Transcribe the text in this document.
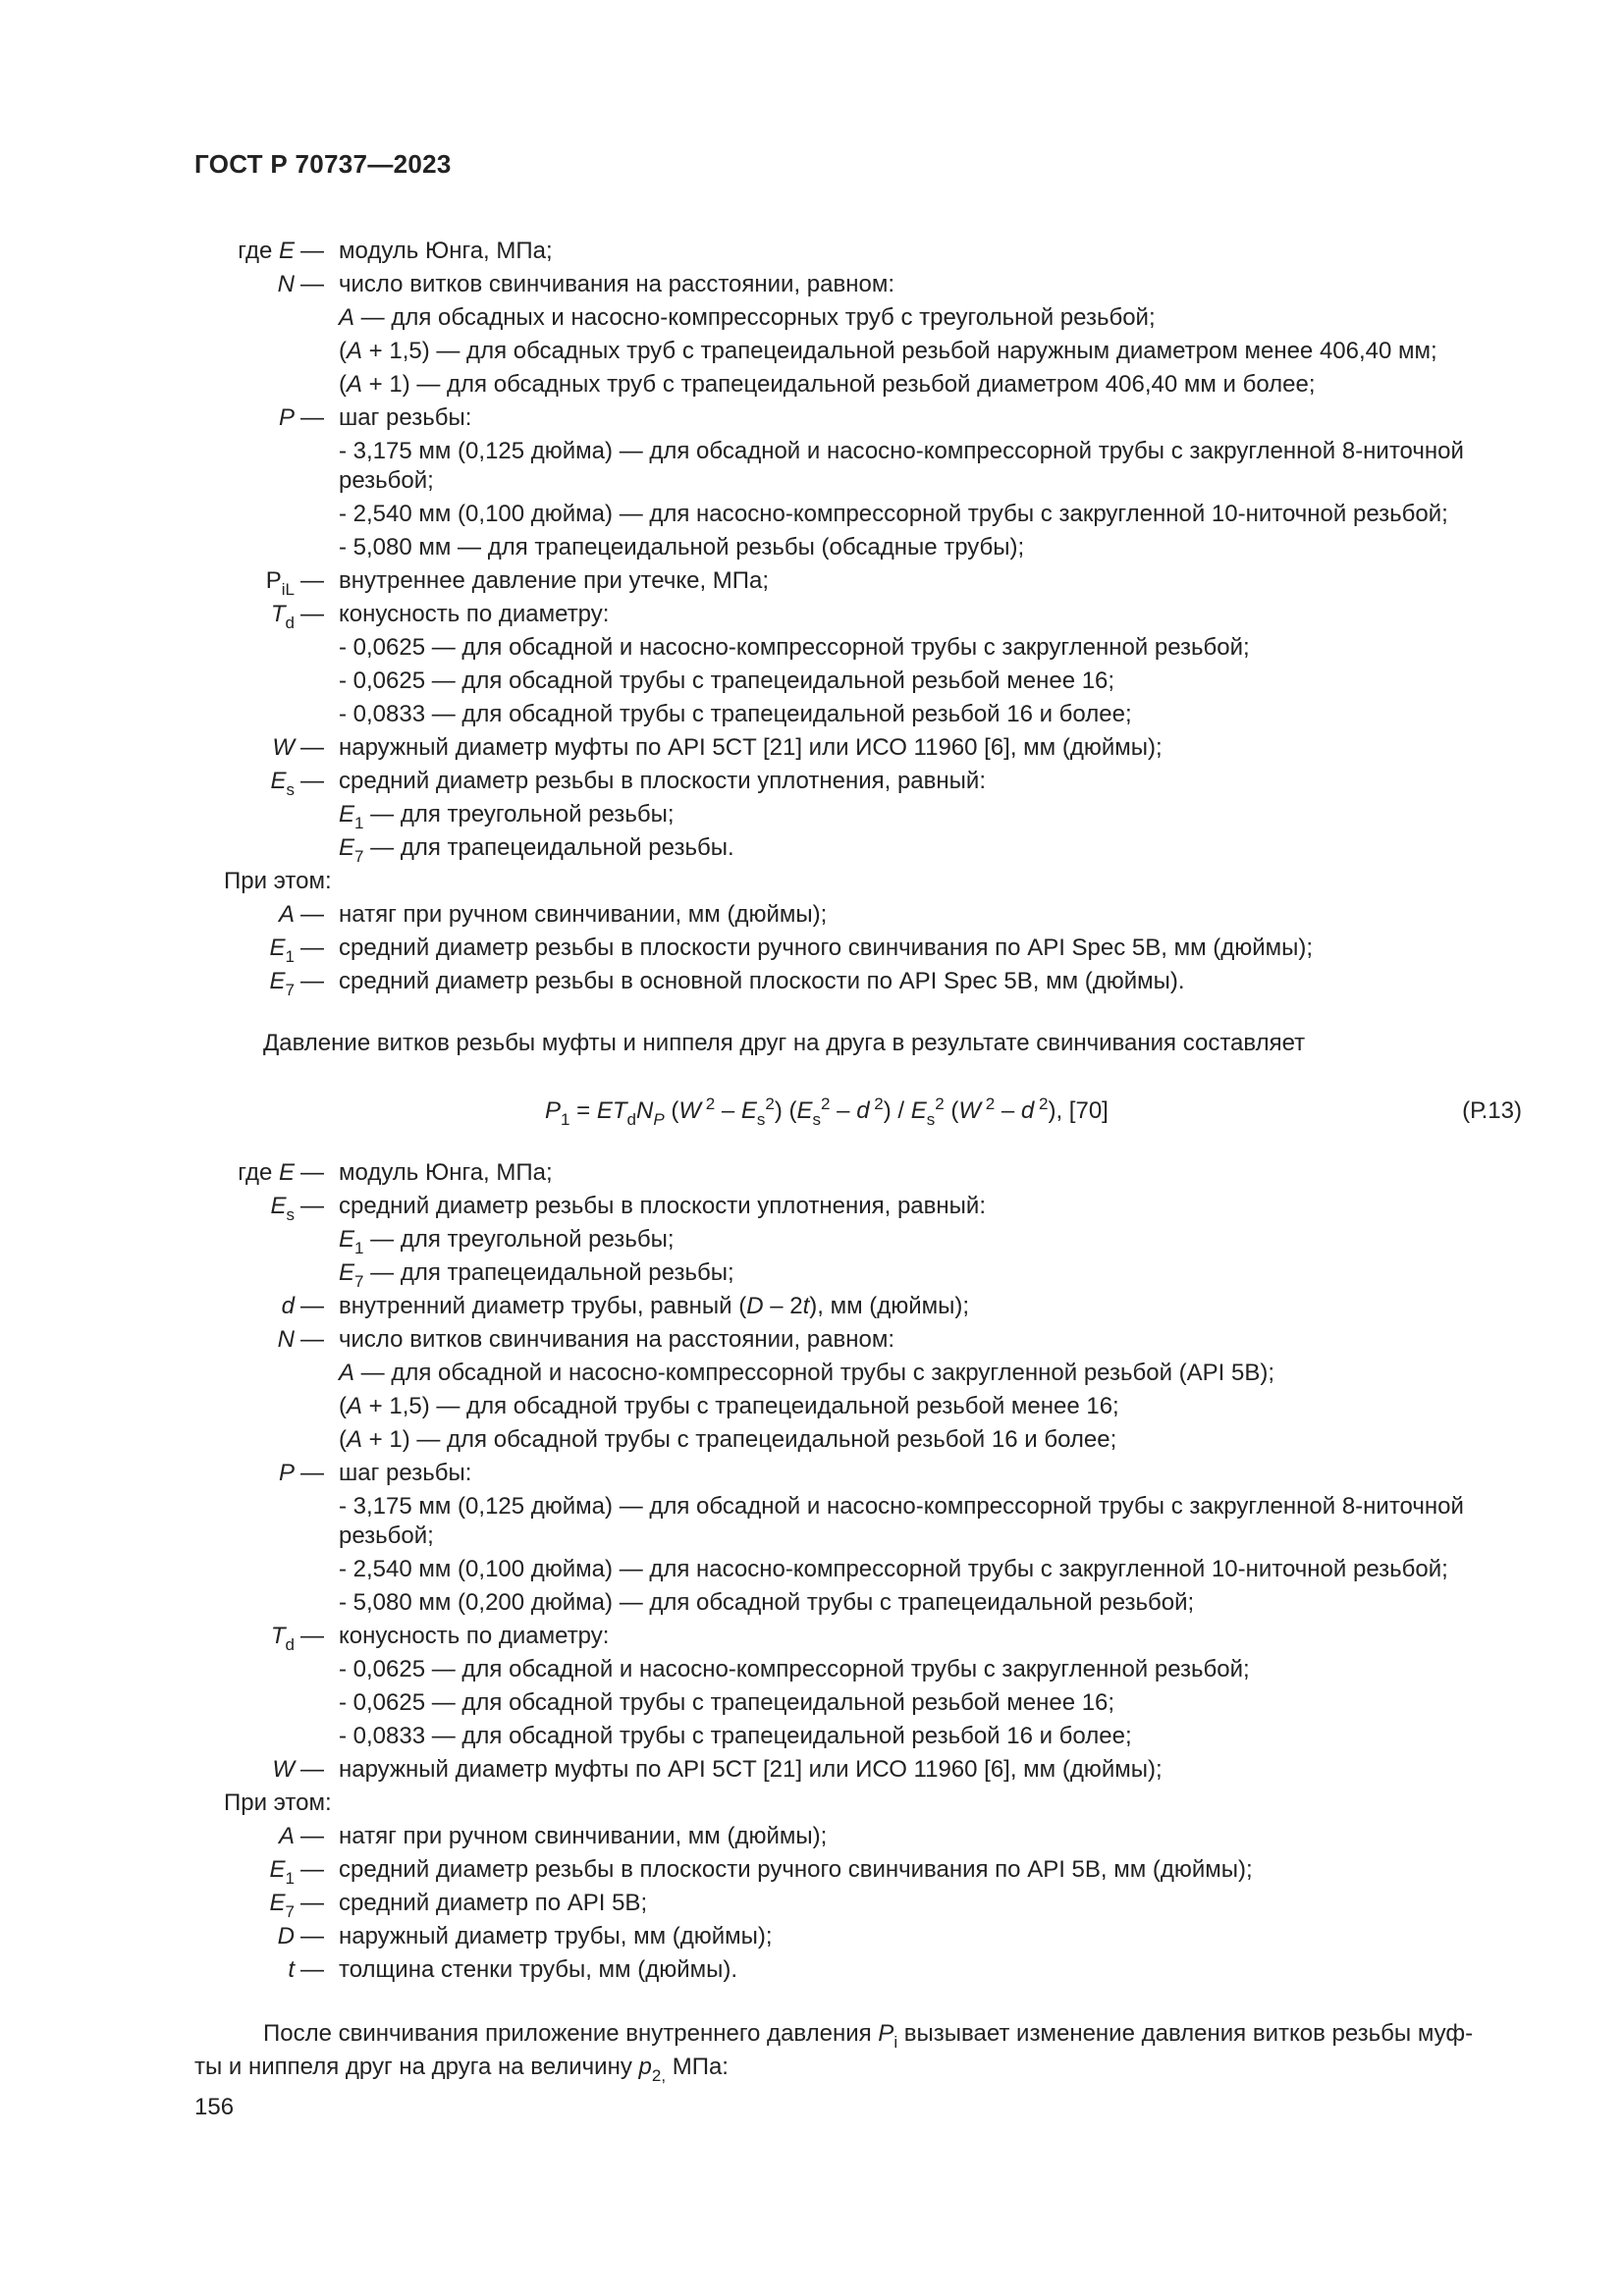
ГОСТ Р 70737—2023
где E — модуль Юнга, МПа;
N — число витков свинчивания на расстоянии, равном:
A — для обсадных и насосно-компрессорных труб с треугольной резьбой;
(A + 1,5) — для обсадных труб с трапецеидальной резьбой наружным диаметром менее 406,40 мм;
(A + 1) — для обсадных труб с трапецеидальной резьбой диаметром 406,40 мм и более;
P — шаг резьбы:
- 3,175 мм (0,125 дюйма) — для обсадной и насосно-компрессорной трубы с закругленной 8-ниточной
резьбой;
- 2,540 мм (0,100 дюйма) — для насосно-компрессорной трубы с закругленной 10-ниточной резьбой;
- 5,080 мм — для трапецеидальной резьбы (обсадные трубы);
$P_{iL}$ — внутреннее давление при утечке, МПа;
$T_d$ — конусность по диаметру:
- 0,0625 — для обсадной и насосно-компрессорной трубы с закругленной резьбой;
- 0,0625 — для обсадной трубы с трапецеидальной резьбой менее 16;
- 0,0833 — для обсадной трубы с трапецеидальной резьбой 16 и более;
W — наружный диаметр муфты по API 5CT [21] или ИСО 11960 [6], мм (дюймы);
$E_s$ — средний диаметр резьбы в плоскости уплотнения, равный:
$E_1$ — для треугольной резьбы;
$E_7$ — для трапецеидальной резьбы.
При этом:
A — натяг при ручном свинчивании, мм (дюймы);
$E_1$ — средний диаметр резьбы в плоскости ручного свинчивания по API Spec 5B, мм (дюймы);
$E_7$ — средний диаметр резьбы в основной плоскости по API Spec 5B, мм (дюймы).
Давление витков резьбы муфты и ниппеля друг на друга в результате свинчивания составляет
$P_1 = ET_dN_P$ (W $^2 - E_s^2$) ($E_s^2$ – d $^2) / E_s^2$ (W $^2$ – d $^2$), [70]	(Р.13)
где E — модуль Юнга, МПа;
$E_s$ — средний диаметр резьбы в плоскости уплотнения, равный:
$E_1$ — для треугольной резьбы;
$E_7$ — для трапецеидальной резьбы;
d — внутренний диаметр трубы, равный (D – 2t), мм (дюймы);
N — число витков свинчивания на расстоянии, равном:
A — для обсадной и насосно-компрессорной трубы с закругленной резьбой (API 5B);
(A + 1,5) — для обсадной трубы с трапецеидальной резьбой менее 16;
(A + 1) — для обсадной трубы с трапецеидальной резьбой 16 и более;
P — шаг резьбы:
- 3,175 мм (0,125 дюйма) — для обсадной и насосно-компрессорной трубы с закругленной 8-ниточной
резьбой;
- 2,540 мм (0,100 дюйма) — для насосно-компрессорной трубы с закругленной 10-ниточной резьбой;
- 5,080 мм (0,200 дюйма) — для обсадной трубы с трапецеидальной резьбой;
$T_d$ — конусность по диаметру:
- 0,0625 — для обсадной и насосно-компрессорной трубы с закругленной резьбой;
- 0,0625 — для обсадной трубы с трапецеидальной резьбой менее 16;
- 0,0833 — для обсадной трубы с трапецеидальной резьбой 16 и более;
W — наружный диаметр муфты по API 5CT [21] или ИСО 11960 [6], мм (дюймы);
При этом:
A — натяг при ручном свинчивании, мм (дюймы);
$E_1$ — средний диаметр резьбы в плоскости ручного свинчивания по API 5B, мм (дюймы);
$E_7$ — средний диаметр по API 5B;
D — наружный диаметр трубы, мм (дюймы);
t — толщина стенки трубы, мм (дюймы).
После свинчивания приложение внутреннего давления $P_i$ вызывает изменение давления витков резьбы муф-
ты и ниппеля друг на друга на величину $p_{2,}$ МПа:
156
